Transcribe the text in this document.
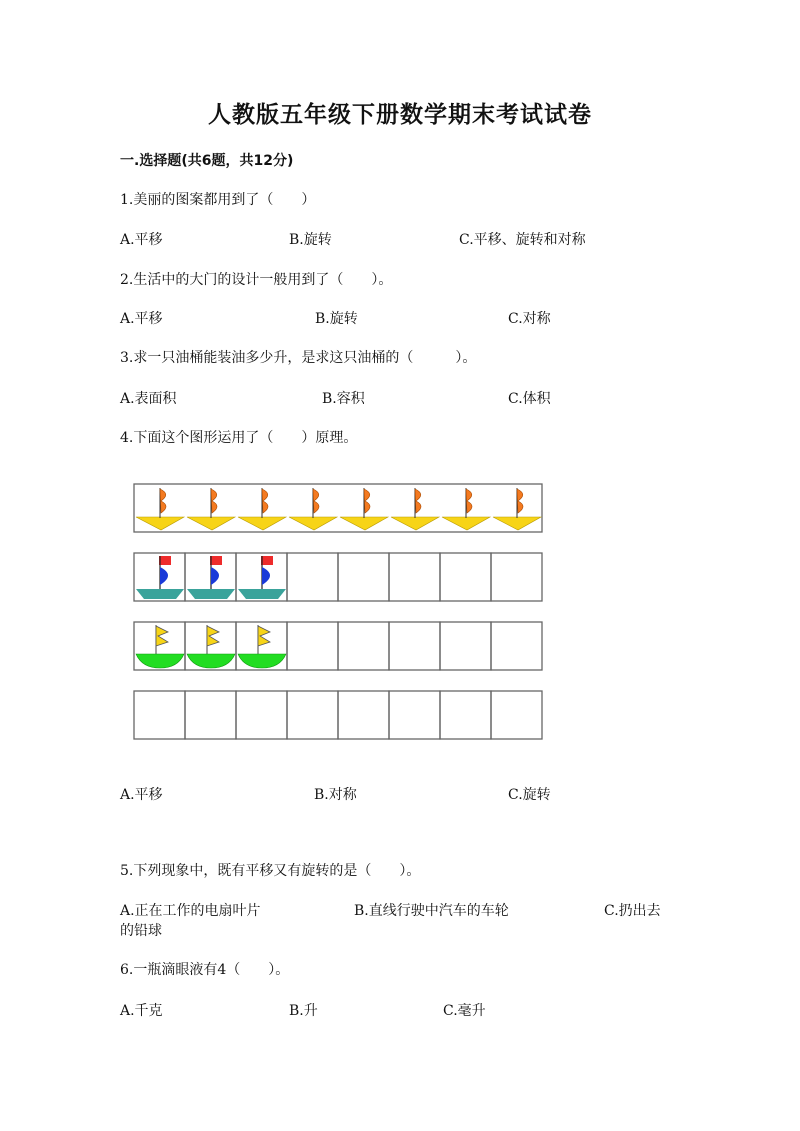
人教版五年级下册数学期末考试试卷
一.选择题(共6题，共12分)
1.美丽的图案都用到了（　　）
A.平移	B.旋转	C.平移、旋转和对称
2.生活中的大门的设计一般用到了（　　）。
A.平移	B.旋转	C.对称
3.求一只油桶能装油多少升，是求这只油桶的（　　　）。
A.表面积	B.容积	C.体积
4.下面这个图形运用了（　　）原理。
A.平移	B.对称	C.旋转
5.下列现象中，既有平移又有旋转的是（　　）。
A.正在工作的电扇叶片	B.直线行驶中汽车的车轮	C.扔出去
的铅球
6.一瓶滴眼液有4（　　）。
A.千克	B.升	C.毫升
